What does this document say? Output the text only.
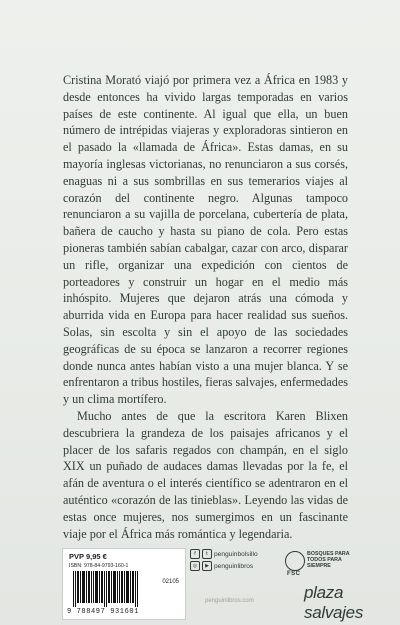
Cristina Morató viajó por primera vez a África en 1983 y desde entonces ha vivido largas temporadas en varios países de este continente. Al igual que ella, un buen número de intrépidas viajeras y exploradoras sintieron en el pasado la «llamada de África». Estas damas, en su mayoría inglesas victorianas, no renunciaron a sus corsés, enaguas ni a sus sombrillas en sus temerarios viajes al corazón del continente negro. Algunas tampoco renunciaron a su vajilla de porcelana, cubertería de plata, bañera de caucho y hasta su piano de cola. Pero estas pioneras también sabían cabalgar, cazar con arco, disparar un rifle, organizar una expedición con cientos de porteadores y construir un hogar en el medio más inhóspito. Mujeres que dejaron atrás una cómoda y aburrida vida en Europa para hacer realidad sus sueños. Solas, sin escolta y sin el apoyo de las sociedades geográficas de su época se lanzaron a recorrer regiones donde nunca antes habían visto a una mujer blanca. Y se enfrentaron a tribus hostiles, fieras salvajes, enfermedades y un clima mortífero.

Mucho antes de que la escritora Karen Blixen descubriera la grandeza de los paisajes africanos y el placer de los safaris regados con champán, en el siglo XIX un puñado de audaces damas llevadas por la fe, el afán de aventura o el interés científico se adentraron en el auténtico «corazón de las tinieblas». Leyendo las vidas de estas once mujeres, nos sumergimos en un fascinante viaje por el África más romántica y legendaria.

PVP 9,95 €
ISBN: 978-84-9793-160-1
02105
9 788497 931601
f	t penguinbolsillo
◎	▶ penguinlibros
FSC
BOSQUES PARA TODOS PARA SIEMPRE
penguinlibros.com	plaza salvajes
